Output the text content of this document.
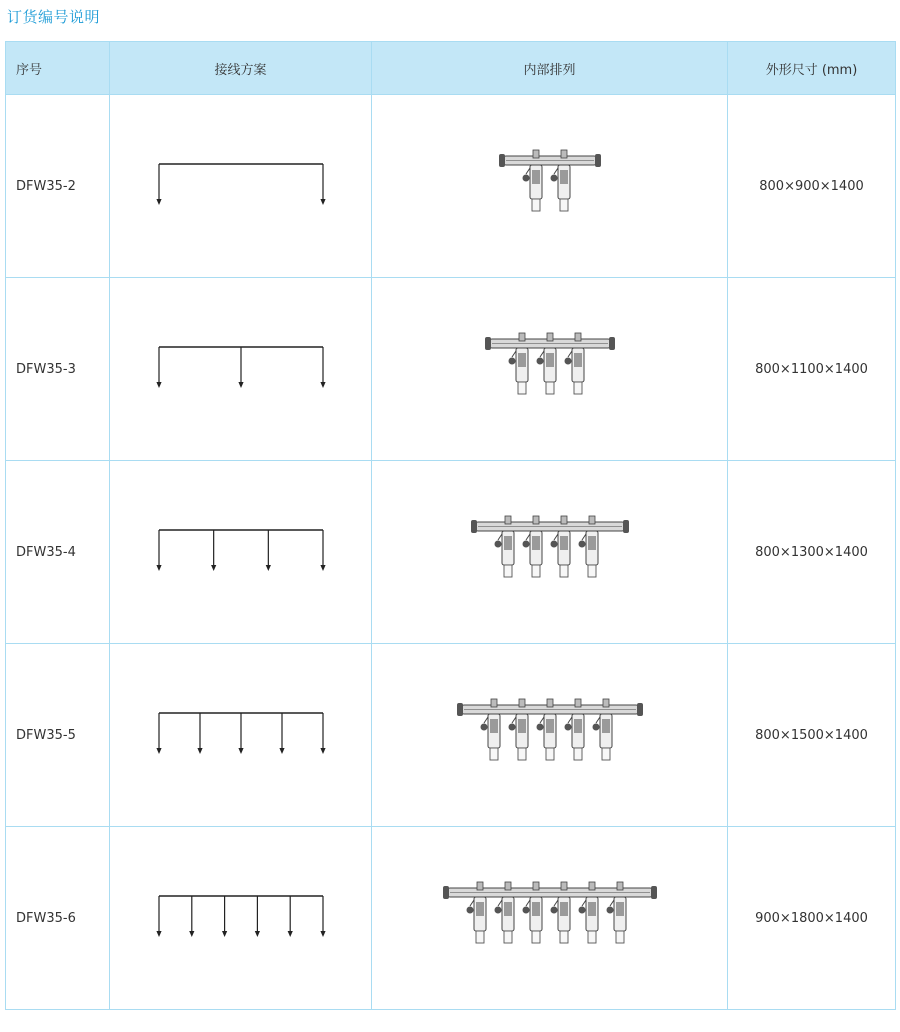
订货编号说明
序号	接线方案	内部排列	外形尺寸 (mm)
DFW35-2			800×900×1400
DFW35-3			800×1100×1400
DFW35-4			800×1300×1400
DFW35-5			800×1500×1400
DFW35-6			900×1800×1400
